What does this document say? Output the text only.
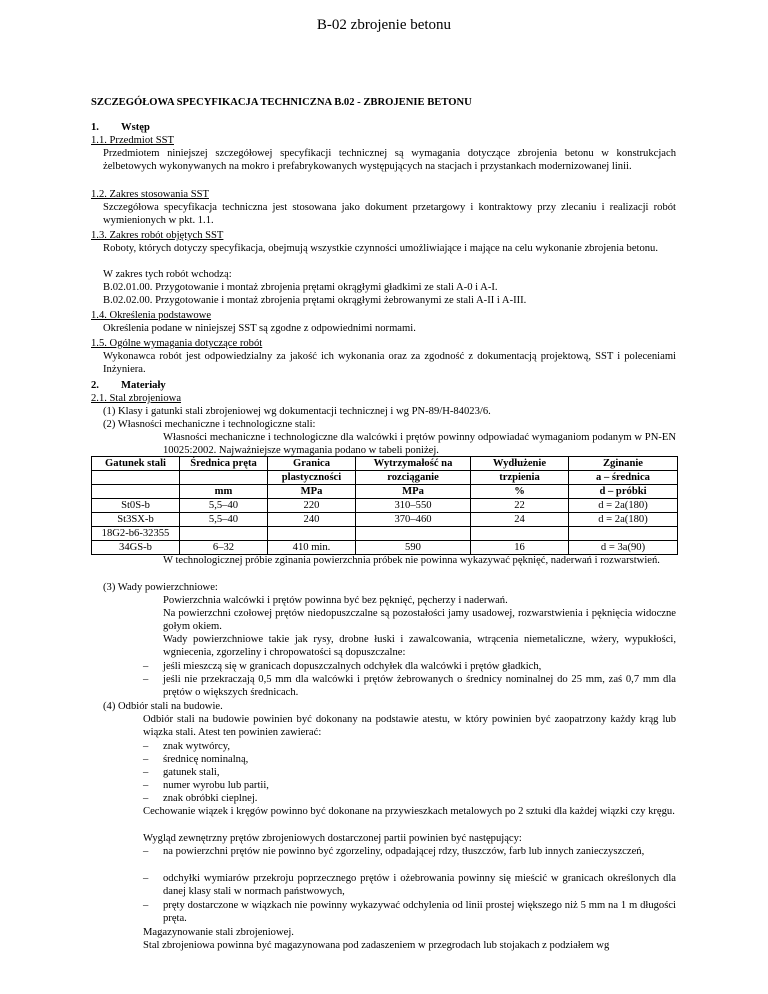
B-02 zbrojenie betonu
SZCZEGÓŁOWA SPECYFIKACJA TECHNICZNA B.02 - ZBROJENIE BETONU
1. Wstęp
1.1. Przedmiot SST
Przedmiotem niniejszej szczegółowej specyfikacji technicznej są wymagania dotyczące zbrojenia betonu w konstrukcjach żelbetowych wykonywanych na mokro i prefabrykowanych występujących na stacjach i przystankach modernizowanej linii.
1.2. Zakres stosowania SST
Szczegółowa specyfikacja techniczna jest stosowana jako dokument przetargowy i kontraktowy przy zlecaniu i realizacji robót wymienionych w pkt. 1.1.
1.3. Zakres robót objętych SST
Roboty, których dotyczy specyfikacja, obejmują wszystkie czynności umożliwiające i mające na celu wykonanie zbrojenia betonu.
W zakres tych robót wchodzą:
B.02.01.00. Przygotowanie i montaż zbrojenia prętami okrągłymi gładkimi ze stali A-0 i A-I.
B.02.02.00. Przygotowanie i montaż zbrojenia prętami okrągłymi żebrowanymi ze stali A-II i A-III.
1.4. Określenia podstawowe
Określenia podane w niniejszej SST są zgodne z odpowiednimi normami.
1.5. Ogólne wymagania dotyczące robót
Wykonawca robót jest odpowiedzialny za jakość ich wykonania oraz za zgodność z dokumentacją projektową, SST i poleceniami Inżyniera.
2. Materiały
2.1. Stal zbrojeniowa
(1) Klasy i gatunki stali zbrojeniowej wg dokumentacji technicznej i wg PN-89/H-84023/6.
(2) Własności mechaniczne i technologiczne stali:
Własności mechaniczne i technologiczne dla walcówki i prętów powinny odpowiadać wymaganiom podanym w PN-EN 10025:2002. Najważniejsze wymagania podano w tabeli poniżej.
Gatunek stali	Średnica pręta	Granica	Wytrzymałość na	Wydłużenie	Zginanie
		plastyczności	rozciąganie	trzpienia	a – średnica
	mm	MPa	MPa	%	d – próbki
St0S-b	5,5–40	220	310–550	22	d = 2a(180)
St3SX-b	5,5–40	240	370–460	24	d = 2a(180)
18G2-b6-32355					
34GS-b	6–32	410 min.	590	16	d = 3a(90)
W technologicznej próbie zginania powierzchnia próbek nie powinna wykazywać pęknięć, naderwań i rozwarstwień.
(3) Wady powierzchniowe:
Powierzchnia walcówki i prętów powinna być bez pęknięć, pęcherzy i naderwań.
Na powierzchni czołowej prętów niedopuszczalne są pozostałości jamy usadowej, rozwarstwienia i pęknięcia widoczne gołym okiem.
Wady powierzchniowe takie jak rysy, drobne łuski i zawalcowania, wtrącenia niemetaliczne, wżery, wypukłości, wgniecenia, zgorzeliny i chropowatości są dopuszczalne:
– jeśli mieszczą się w granicach dopuszczalnych odchyłek dla walcówki i prętów gładkich,
– jeśli nie przekraczają 0,5 mm dla walcówki i prętów żebrowanych o średnicy nominalnej do 25 mm, zaś 0,7 mm dla prętów o większych średnicach.
(4) Odbiór stali na budowie.
Odbiór stali na budowie powinien być dokonany na podstawie atestu, w który powinien być zaopatrzony każdy krąg lub wiązka stali. Atest ten powinien zawierać:
– znak wytwórcy,
– średnicę nominalną,
– gatunek stali,
– numer wyrobu lub partii,
– znak obróbki cieplnej.
Cechowanie wiązek i kręgów powinno być dokonane na przywieszkach metalowych po 2 sztuki dla każdej wiązki czy kręgu.
Wygląd zewnętrzny prętów zbrojeniowych dostarczonej partii powinien być następujący:
– na powierzchni prętów nie powinno być zgorzeliny, odpadającej rdzy, tłuszczów, farb lub innych zanieczyszczeń,
– odchyłki wymiarów przekroju poprzecznego prętów i ożebrowania powinny się mieścić w granicach określonych dla danej klasy stali w normach państwowych,
– pręty dostarczone w wiązkach nie powinny wykazywać odchylenia od linii prostej większego niż 5 mm na 1 m długości pręta.
Magazynowanie stali zbrojeniowej.
Stal zbrojeniowa powinna być magazynowana pod zadaszeniem w przegrodach lub stojakach z podziałem wg
